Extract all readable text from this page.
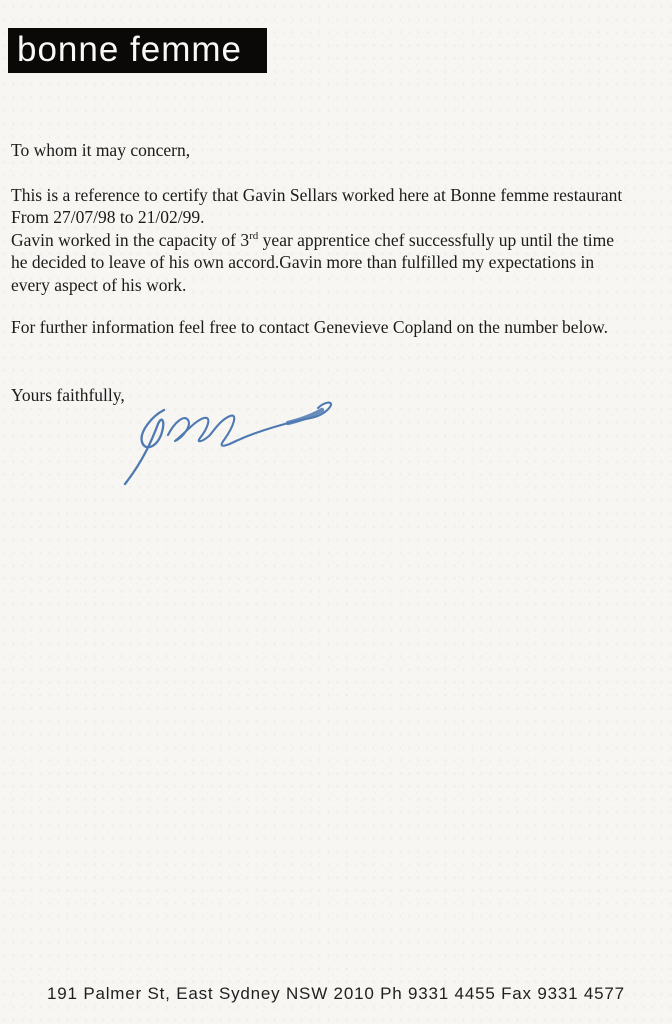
bonne femme
To whom it may concern,
This is a reference to certify that Gavin Sellars worked here at Bonne femme restaurant
From 27/07/98 to 21/02/99.
Gavin worked in the capacity of 3rd year apprentice chef successfully up until the time
he decided to leave of his own accord.Gavin more than fulfilled my expectations in
every aspect of his work.
For further information feel free to contact Genevieve Copland on the number below.
Yours faithfully,
191 Palmer St, East Sydney NSW 2010 Ph 9331 4455 Fax 9331 4577
